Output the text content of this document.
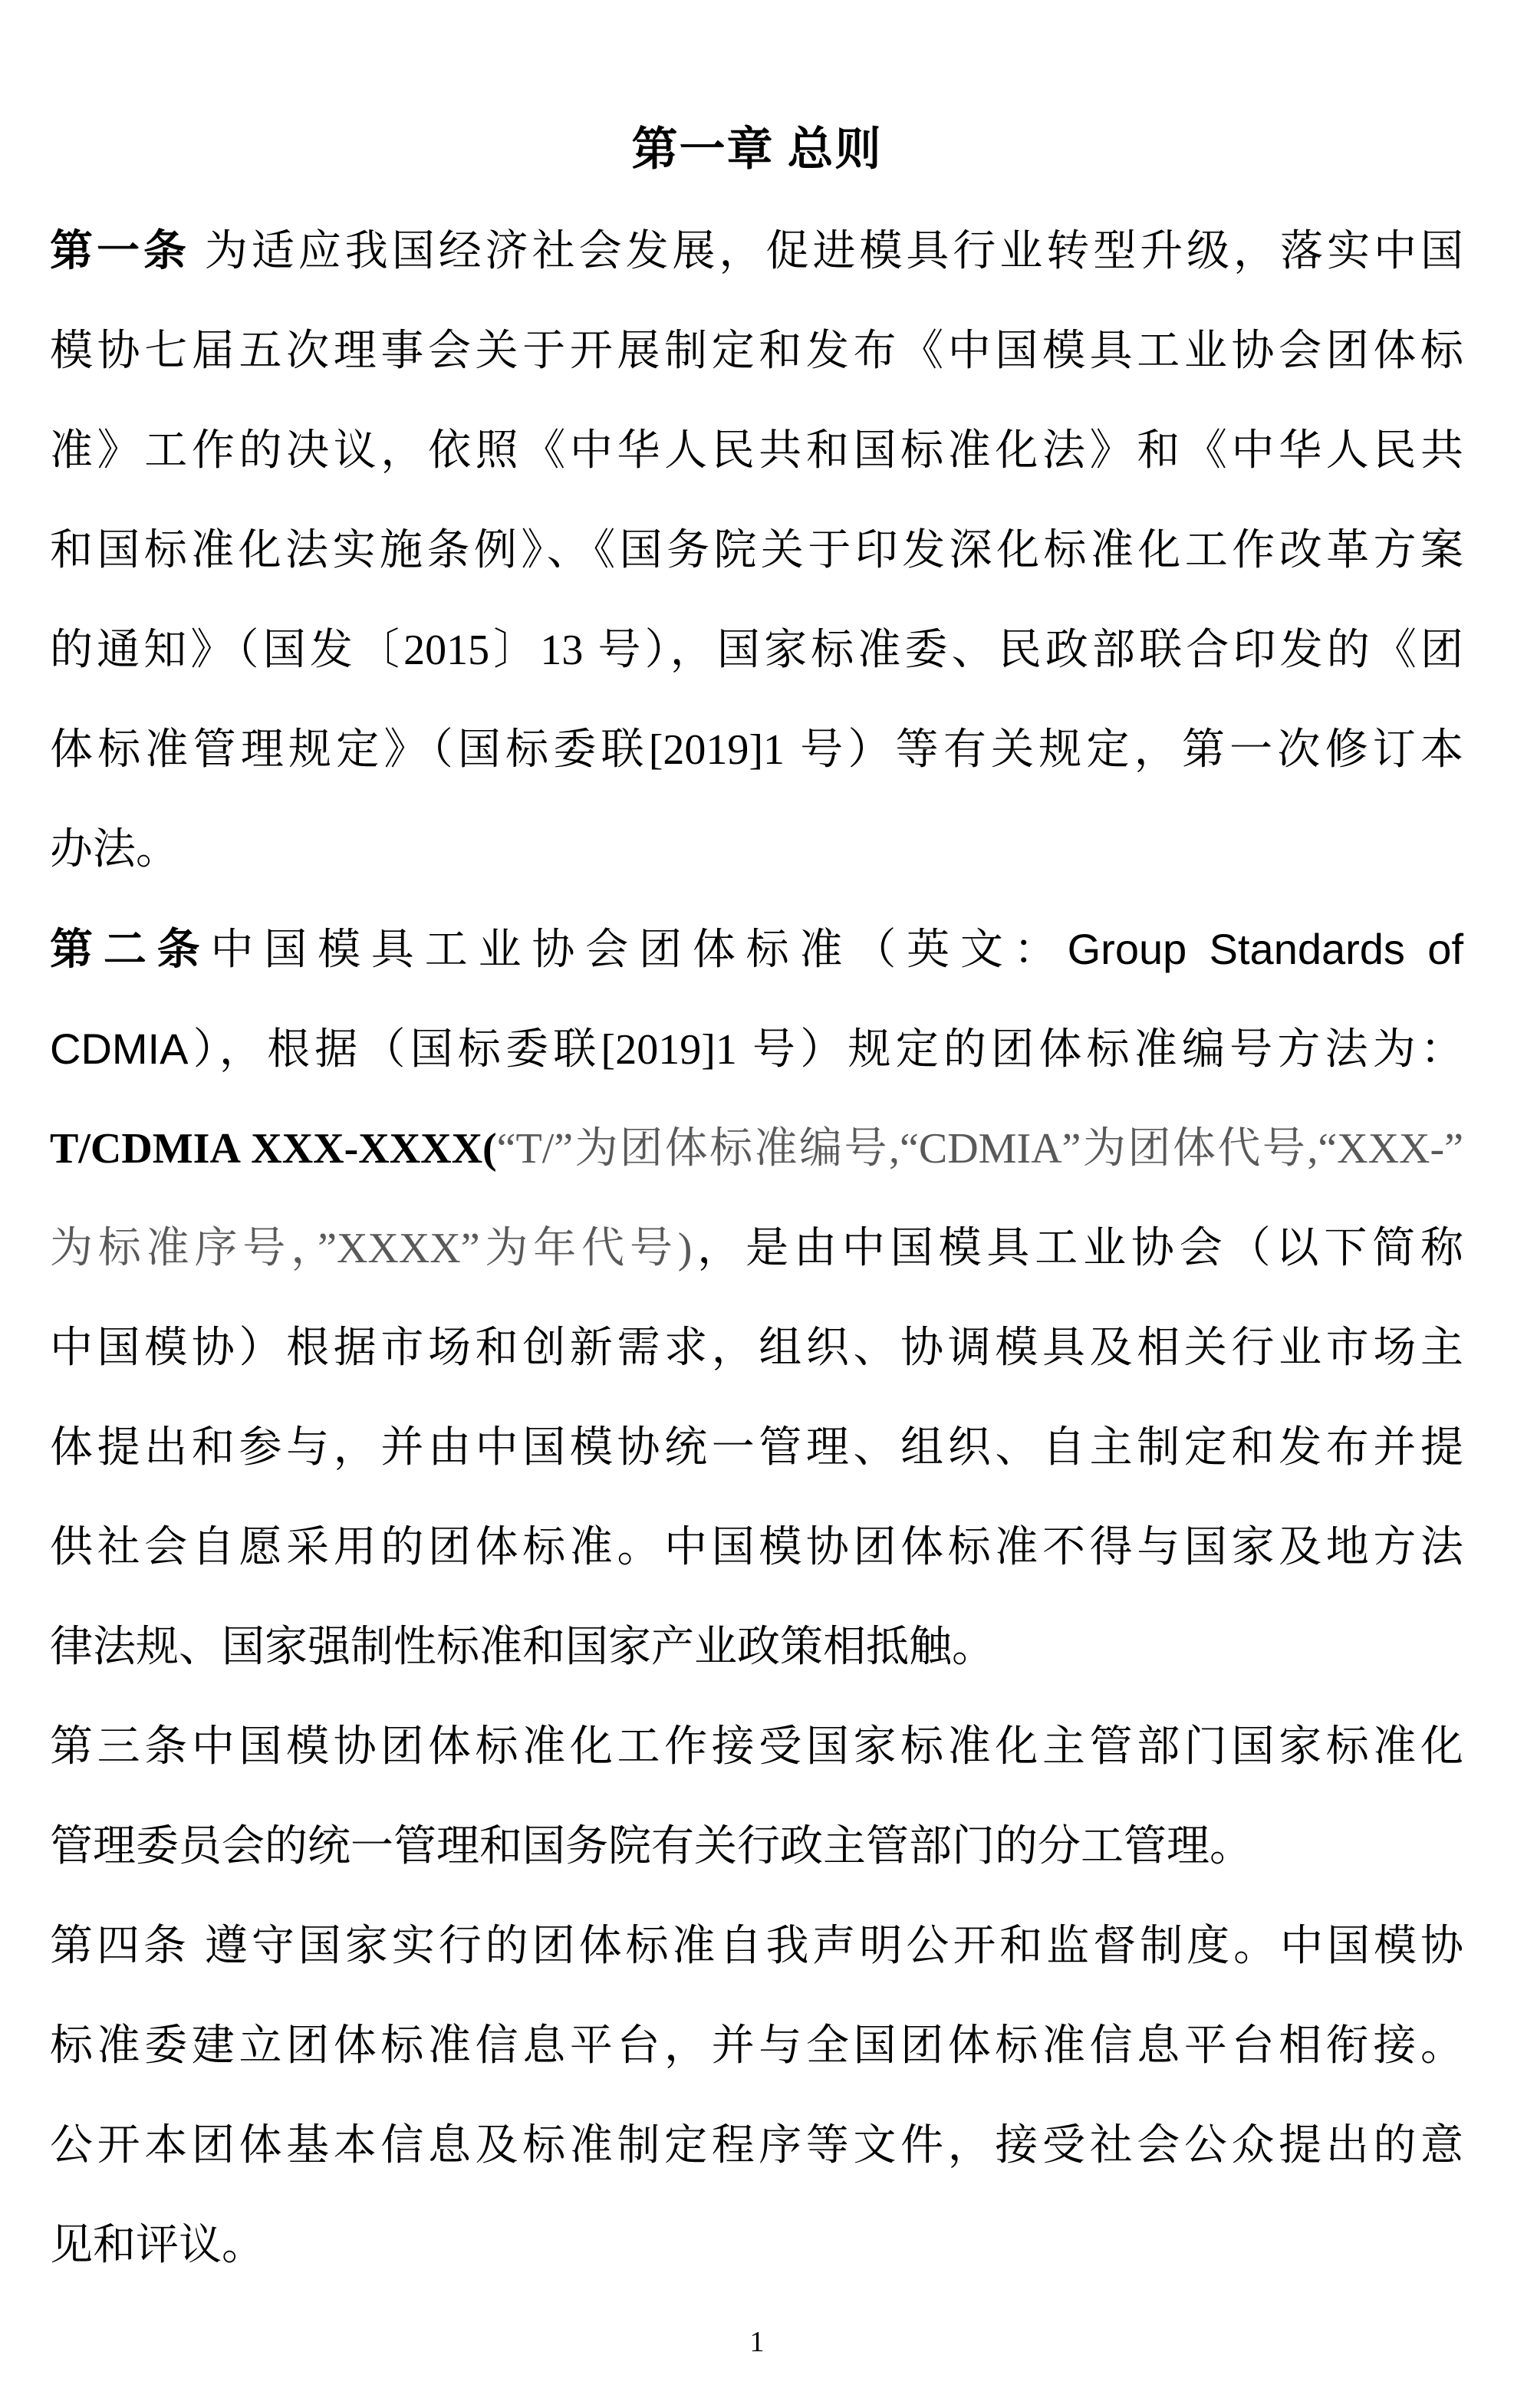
第一章 总则
第一条 为适应我国经济社会发展，促进模具行业转型升级，落实中国
模协七届五次理事会关于开展制定和发布《中国模具工业协会团体标
准》工作的决议，依照《中华人民共和国标准化法》和《中华人民共
和国标准化法实施条例》、《国务院关于印发深化标准化工作改革方案
的通知》（国发〔2015〕13 号），国家标准委、民政部联合印发的《团
体标准管理规定》（国标委联[2019]1 号）等有关规定，第一次修订本
办法。
第二条中国模具工业协会团体标准（英文：Group Standards of
CDMIA），根据（国标委联[2019]1 号）规定的团体标准编号方法为：
T/CDMIA XXX-XXXX(“T/”为团体标准编号,“CDMIA”为团体代号,“XXX-”
为标准序号，”XXXX”为年代号)，是由中国模具工业协会（以下简称
中国模协）根据市场和创新需求，组织、协调模具及相关行业市场主
体提出和参与，并由中国模协统一管理、组织、自主制定和发布并提
供社会自愿采用的团体标准。中国模协团体标准不得与国家及地方法
律法规、国家强制性标准和国家产业政策相抵触。
第三条中国模协团体标准化工作接受国家标准化主管部门国家标准化
管理委员会的统一管理和国务院有关行政主管部门的分工管理。
第四条 遵守国家实行的团体标准自我声明公开和监督制度。中国模协
标准委建立团体标准信息平台，并与全国团体标准信息平台相衔接。
公开本团体基本信息及标准制定程序等文件，接受社会公众提出的意
见和评议。
1
